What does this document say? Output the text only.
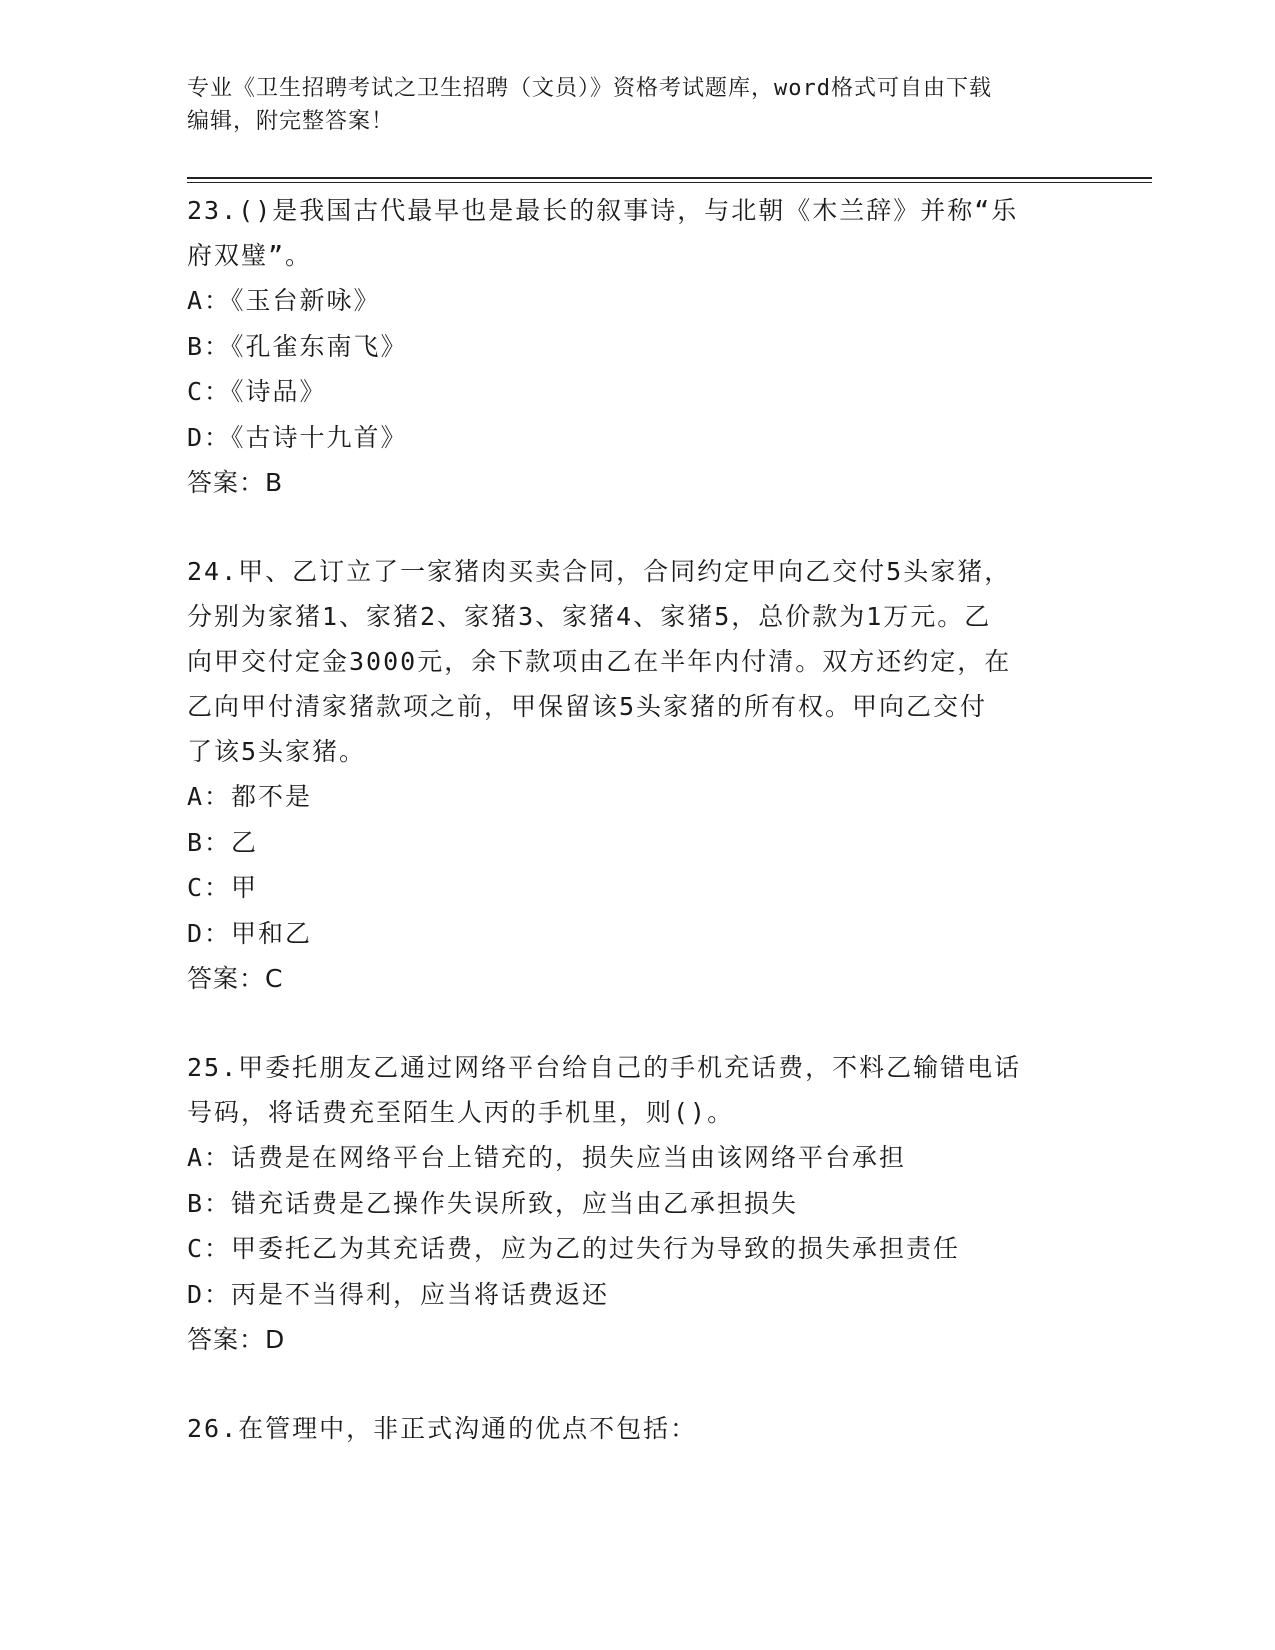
专业《卫生招聘考试之卫生招聘（文员）》资格考试题库，word格式可自由下载
编辑，附完整答案！

23.()是我国古代最早也是最长的叙事诗，与北朝《木兰辞》并称“乐

府双璧”。

A：《玉台新咏》

B：《孔雀东南飞》

C：《诗品》

D：《古诗十九首》

答案：B

24.甲、乙订立了一家猪肉买卖合同，合同约定甲向乙交付5头家猪，

分别为家猪1、家猪2、家猪3、家猪4、家猪5，总价款为1万元。乙

向甲交付定金3000元，余下款项由乙在半年内付清。双方还约定，在

乙向甲付清家猪款项之前，甲保留该5头家猪的所有权。甲向乙交付

了该5头家猪。

A：都不是

B：乙

C：甲

D：甲和乙

答案：C

25.甲委托朋友乙通过网络平台给自己的手机充话费，不料乙输错电话

号码，将话费充至陌生人丙的手机里，则()。

A：话费是在网络平台上错充的，损失应当由该网络平台承担

B：错充话费是乙操作失误所致，应当由乙承担损失

C：甲委托乙为其充话费，应为乙的过失行为导致的损失承担责任

D：丙是不当得利，应当将话费返还

答案：D

26.在管理中，非正式沟通的优点不包括：
